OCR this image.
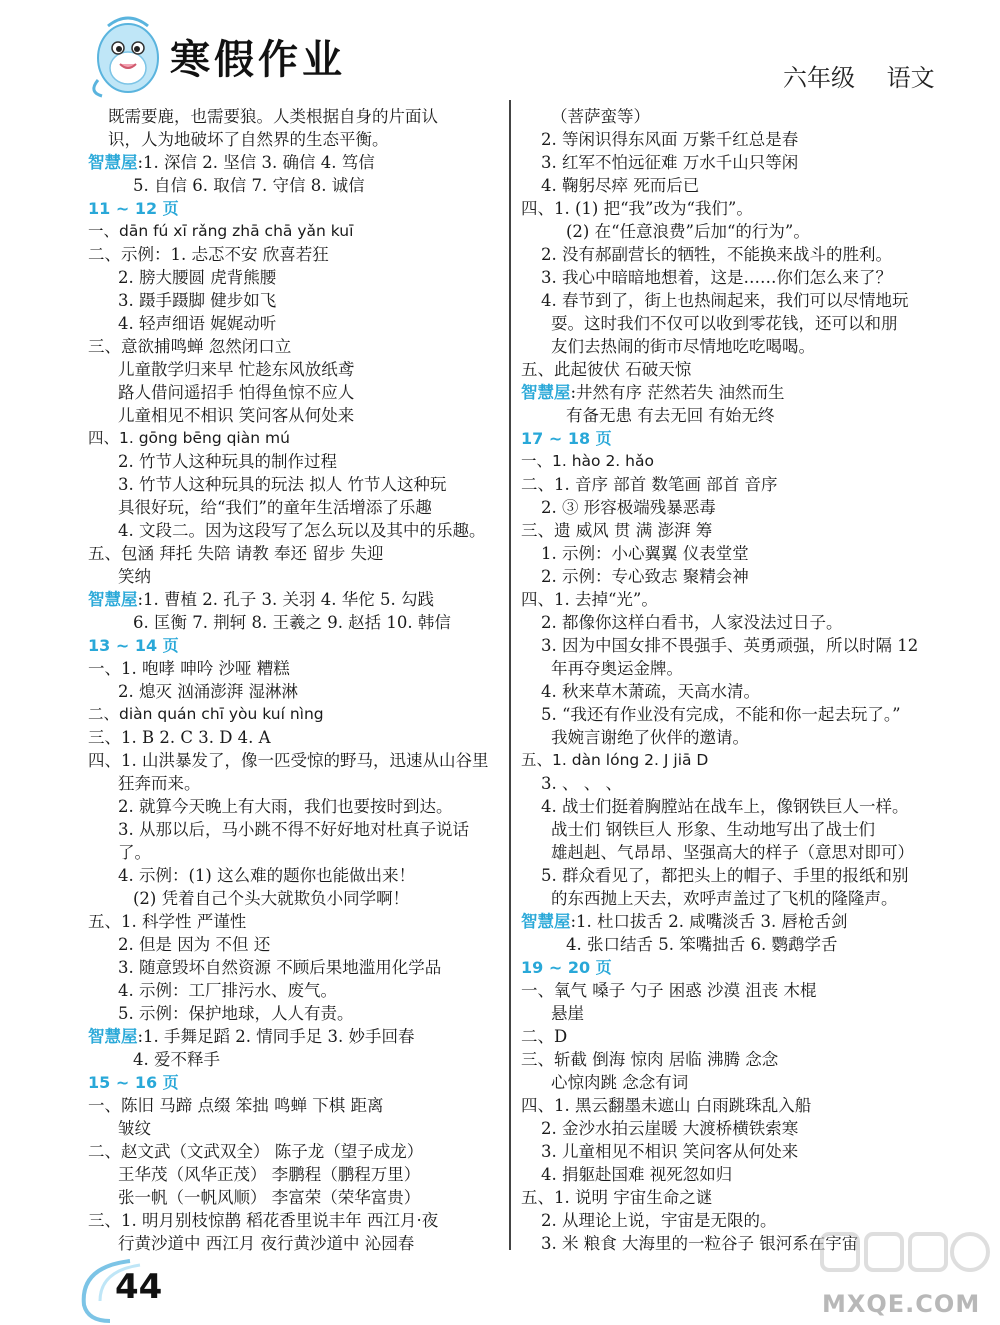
寒假作业	六年级 语文
既需要鹿，也需要狼。人类根据自身的片面认
识，人为地破坏了自然界的生态平衡。
智慧屋:1. 深信 2. 坚信 3. 确信 4. 笃信
5. 自信 6. 取信 7. 守信 8. 诚信
11 ~ 12 页
一、dān fú xī rǎng zhā chā yǎn kuī
二、示例：1. 忐忑不安 欣喜若狂
2. 膀大腰圆 虎背熊腰
3. 蹑手蹑脚 健步如飞
4. 轻声细语 娓娓动听
三、意欲捕鸣蝉 忽然闭口立
儿童散学归来早 忙趁东风放纸鸢
路人借问遥招手 怕得鱼惊不应人
儿童相见不相识 笑问客从何处来
四、1. gōng bēng qiàn mú
2. 竹节人这种玩具的制作过程
3. 竹节人这种玩具的玩法 拟人 竹节人这种玩
具很好玩，给“我们”的童年生活增添了乐趣
4. 文段二。因为这段写了怎么玩以及其中的乐趣。
五、包涵 拜托 失陪 请教 奉还 留步 失迎
笑纳
智慧屋:1. 曹植 2. 孔子 3. 关羽 4. 华佗 5. 勾践
6. 匡衡 7. 荆轲 8. 王羲之 9. 赵括 10. 韩信
13 ~ 14 页
一、1. 咆哮 呻吟 沙哑 糟糕
2. 熄灭 汹涌澎湃 湿淋淋
二、diàn quán chī yòu kuí nìng
三、1. B 2. C 3. D 4. A
四、1. 山洪暴发了，像一匹受惊的野马，迅速从山谷里
狂奔而来。
2. 就算今天晚上有大雨，我们也要按时到达。
3. 从那以后，马小跳不得不好好地对杜真子说话
了。
4. 示例：(1) 这么难的题你也能做出来！
(2) 凭着自己个头大就欺负小同学啊！
五、1. 科学性 严谨性
2. 但是 因为 不但 还
3. 随意毁坏自然资源 不顾后果地滥用化学品
4. 示例：工厂排污水、废气。
5. 示例：保护地球，人人有责。
智慧屋:1. 手舞足蹈 2. 情同手足 3. 妙手回春
4. 爱不释手
15 ~ 16 页
一、陈旧 马蹄 点缀 笨拙 鸣蝉 下棋 距离
皱纹
二、赵文武（文武双全） 陈子龙（望子成龙）
王华茂（风华正茂） 李鹏程（鹏程万里）
张一帆（一帆风顺） 李富荣（荣华富贵）
三、1. 明月别枝惊鹊 稻花香里说丰年 西江月·夜
行黄沙道中 西江月 夜行黄沙道中 沁园春
（菩萨蛮等）
2. 等闲识得东风面 万紫千红总是春
3. 红军不怕远征难 万水千山只等闲
4. 鞠躬尽瘁 死而后已
四、1. (1) 把“我”改为“我们”。
(2) 在“任意浪费”后加“的行为”。
2. 没有郝副营长的牺牲，不能换来战斗的胜利。
3. 我心中暗暗地想着，这是……你们怎么来了？
4. 春节到了，街上也热闹起来，我们可以尽情地玩
耍。这时我们不仅可以收到零花钱，还可以和朋
友们去热闹的街市尽情地吃吃喝喝。
五、此起彼伏 石破天惊
智慧屋:井然有序 茫然若失 油然而生
有备无患 有去无回 有始无终
17 ~ 18 页
一、1. hào 2. hǎo
二、1. 音序 部首 数笔画 部首 音序
2. ③ 形容极端残暴恶毒
三、遗 威风 贯 满 澎湃 筹
1. 示例：小心翼翼 仪表堂堂
2. 示例：专心致志 聚精会神
四、1. 去掉“光”。
2. 都像你这样白看书，人家没法过日子。
3. 因为中国女排不畏强手、英勇顽强，所以时隔 12
年再夺奥运金牌。
4. 秋来草木萧疏，天高水清。
5. “我还有作业没有完成，不能和你一起去玩了。”
我婉言谢绝了伙伴的邀请。
五、1. dàn lóng 2. J jiā D
3. 、 、 、
4. 战士们挺着胸膛站在战车上，像钢铁巨人一样。
战士们 钢铁巨人 形象、生动地写出了战士们
雄赳赳、气昂昂、坚强高大的样子（意思对即可）
5. 群众看见了，都把头上的帽子、手里的报纸和别
的东西抛上天去，欢呼声盖过了飞机的隆隆声。
智慧屋:1. 杜口拔舌 2. 咸嘴淡舌 3. 唇枪舌剑
4. 张口结舌 5. 笨嘴拙舌 6. 鹦鹉学舌
19 ~ 20 页
一、氧气 嗓子 勺子 困惑 沙漠 沮丧 木棍
悬崖
二、D
三、斩截 倒海 惊肉 居临 沸腾 念念
心惊肉跳 念念有词
四、1. 黑云翻墨未遮山 白雨跳珠乱入船
2. 金沙水拍云崖暖 大渡桥横铁索寒
3. 儿童相见不相识 笑问客从何处来
4. 捐躯赴国难 视死忽如归
五、1. 说明 宇宙生命之谜
2. 从理论上说，宇宙是无限的。
3. 米 粮食 大海里的一粒谷子 银河系在宇宙
44	MXQE.COM
